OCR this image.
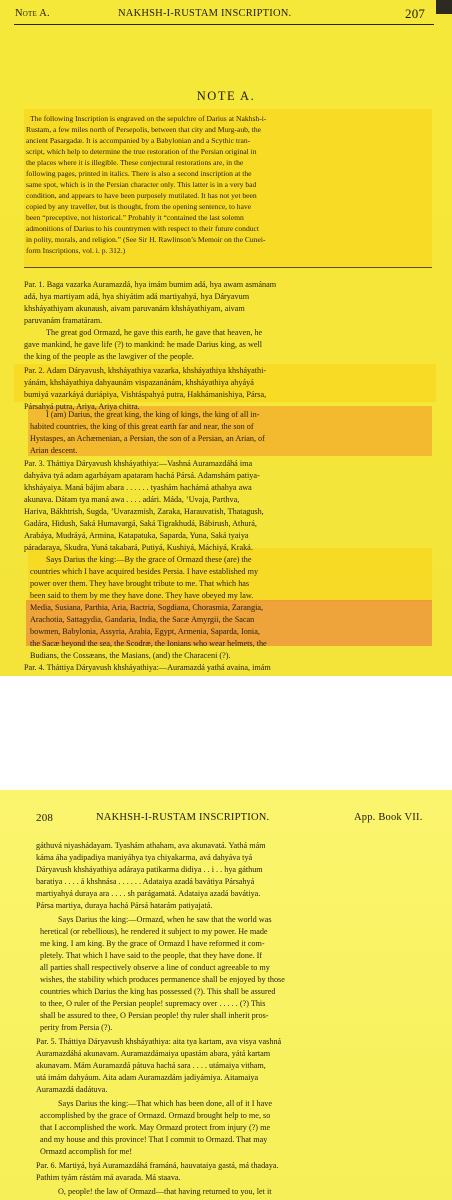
Note A.	NAKHSH-I-RUSTAM INSCRIPTION.	207
NOTE A.
The following Inscription is engraved on the sepulchre of Darius at Nakhsh-i-
Rustam, a few miles north of Persepolis, between that city and Murg-aub, the
ancient Pasargadæ. It is accompanied by a Babylonian and a Scythic tran-
script, which help to determine the true restoration of the Persian original in
the places where it is illegible. These conjectural restorations are, in the
following pages, printed in italics. There is also a second inscription at the
same spot, which is in the Persian character only. This latter is in a very bad
condition, and appears to have been purposely mutilated. It has not yet been
copied by any traveller, but is thought, from the opening sentence, to have
been “preceptive, not historical.” Probably it “contained the last solemn
admonitions of Darius to his countrymen with respect to their future conduct
in polity, morals, and religion.” (See Sir H. Rawlinson’s Memoir on the Cunei-
form Inscriptions, vol. i. p. 312.)
Par. 1. Baga vazarka Auramazdá, hya imám bumim adá, hya awam asmánam
adá, hya martiyam adá, hya shiyátim adá martiyahyá, hya Dáryavum
khsháyathiyam akunaush, aivam paruvanám khsháyathiyam, aivam
paruvanám framatáram.
The great god Ormazd, he gave this earth, he gave that heaven, he
gave mankind, he gave life (?) to mankind: he made Darius king, as well
the king of the people as the lawgiver of the people.
Par. 2. Adam Dáryavush, khsháyathiya vazarka, khsháyathiya khsháyathi-
yánám, khsháyathiya dahyaunám vispazanánám, khsháyathiya ahyáyá
bumiyá vazarkáyá duriápiya, Vishtáspahyá putra, Hakhámanishiya, Pársa,
Pársahyá putra, Ariya, Ariya chitra.
I (am) Darius, the great king, the king of kings, the king of all in-
habited countries, the king of this great earth far and near, the son of
Hystaspes, an Achæmenian, a Persian, the son of a Persian, an Arian, of
Arian descent.
Par. 3. Tháttiya Dáryavush khsháyathiya:—Vashná Auramazdáhá ima
dahyáva tyá adam agarbáyam apataram hachá Pársá. Adamshám patiya-
khsháyaiya. Maná bájim abara . . . . . . tyashám hachámá athahya awa
akunava. Dátam tya maná awa . . . . adári. Máda, ’Uvaja, Parthva,
Hariva, Bákhtrish, Sugda, ’Uvarazmish, Zaraka, Harauvatish, Thatagush,
Gadára, Hidush, Saká Humavargá, Saká Tigrakhudá, Bábirush, Athurá,
Arabáya, Mudráyá, Armina, Katapatuka, Saparda, Yuna, Saká tyaiya
páradaraya, Skudra, Yuná takabará, Putiyá, Kushiyá, Máchiyá, Kraká.
Says Darius the king:—By the grace of Ormazd these (are) the
countries which I have acquired besides Persia. I have established my
power over them. They have brought tribute to me. That which has
been said to them by me they have done. They have obeyed my law.
Media, Susiana, Parthia, Aria, Bactria, Sogdiana, Chorasmia, Zarangia,
Arachotia, Sattagydia, Gandaria, India, the Sacæ Amyrgii, the Sacan
bowmen, Babylonia, Assyria, Arabia, Egypt, Armenia, Saparda, Ionia,
the Sacæ beyond the sea, the Scodræ, the Ionians who wear helmets, the
Budians, the Cossæans, the Masians, (and) the Characeni (?).
Par. 4. Tháttiya Dáryavush khsháyathiya:—Auramazdá yathá avaina, imám
208	NAKHSH-I-RUSTAM INSCRIPTION.	App. Book VII.
gáthuvá niyashádayam. Tyashám athaham, ava akunavatá. Yathá mám
káma áha yadipadiya maniyáhya tya chiyakarma, avá dahyáva tyá
Dáryavush khsháyathiya adáraya patikarma didiya . . i . . hya gáthum
baratiya . . . . á khshnása . . . . . . Adataiya azadá bavátiya Pársahyá
martiyahyá duraya ara . . . . sh parágamatá. Adataiya azadá bavátiya.
Pársa martiya, duraya hachá Pársá hatarám patiyajatá.
Says Darius the king:—Ormazd, when he saw that the world was
heretical (or rebellious), he rendered it subject to my power. He made
me king. I am king. By the grace of Ormazd I have reformed it com-
pletely. That which I have said to the people, that they have done. If
all parties shall respectively observe a line of conduct agreeable to my
wishes, the stability which produces permanence shall be enjoyed by those
countries which Darius the king has possessed (?). This shall be assured
to thee, O ruler of the Persian people! supremacy over . . . . . (?) This
shall be assured to thee, O Persian people! thy ruler shall inherit pros-
perity from Persia (?).
Par. 5. Tháttiya Dáryavush khsháyathiya: aita tya kartam, ava visya vashná
Auramazdáhá akunavam. Auramazdámaiya upastám abara, yátá kartam
akunavam. Mám Auramazdá pátuva hachá sara . . . . utámaiya vitham,
utá imám dahyáum. Aita adam Auramazdám jadiyámiya. Aitamaiya
Auramazdá dadátuva.
Says Darius the king:—That which has been done, all of it I have
accomplished by the grace of Ormazd. Ormazd brought help to me, so
that I accomplished the work. May Ormazd protect from injury (?) me
and my house and this province! That I commit to Ormazd. That may
Ormazd accomplish for me!
Par. 6. Martiyá, hyá Auramazdáhá framáná, hauvataiya gastá, má thadaya.
Pathim tyám rástám má avarada. Má staava.
O, people! the law of Ormazd—that having returned to you, let it
